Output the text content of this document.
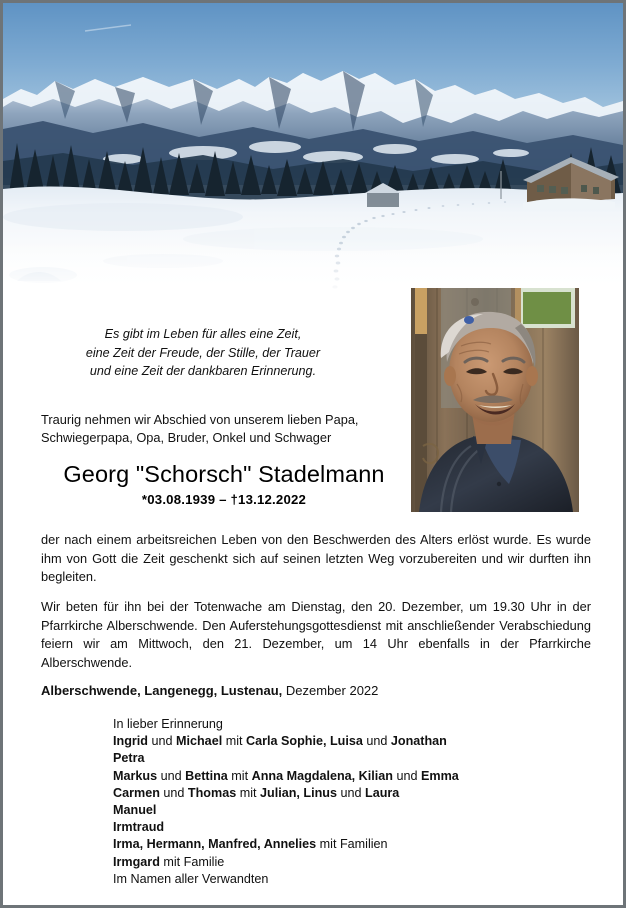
Es gibt im Leben für alles eine Zeit,
eine Zeit der Freude, der Stille, der Trauer
und eine Zeit der dankbaren Erinnerung.
Traurig nehmen wir Abschied von unserem lieben Papa, Schwiegerpapa, Opa, Bruder, Onkel und Schwager
Georg "Schorsch" Stadelmann
*03.08.1939 – †13.12.2022
der nach einem arbeitsreichen Leben von den Beschwerden des Alters erlöst wurde. Es wurde ihm von Gott die Zeit geschenkt sich auf seinen letzten Weg vorzubereiten und wir durften ihn begleiten.
Wir beten für ihn bei der Totenwache am Dienstag, den 20. Dezember, um 19.30 Uhr in der Pfarrkirche Alberschwende. Den Auferstehungsgottesdienst mit anschließender Verabschiedung feiern wir am Mittwoch, den 21. Dezember, um 14 Uhr ebenfalls in der Pfarrkirche Alberschwende.
Alberschwende, Langenegg, Lustenau, Dezember 2022
In lieber Erinnerung
Ingrid und Michael mit Carla Sophie, Luisa und Jonathan
Petra
Markus und Bettina mit Anna Magdalena, Kilian und Emma
Carmen und Thomas mit Julian, Linus und Laura
Manuel
Irmtraud
Irma, Hermann, Manfred, Annelies mit Familien
Irmgard mit Familie
Im Namen aller Verwandten
